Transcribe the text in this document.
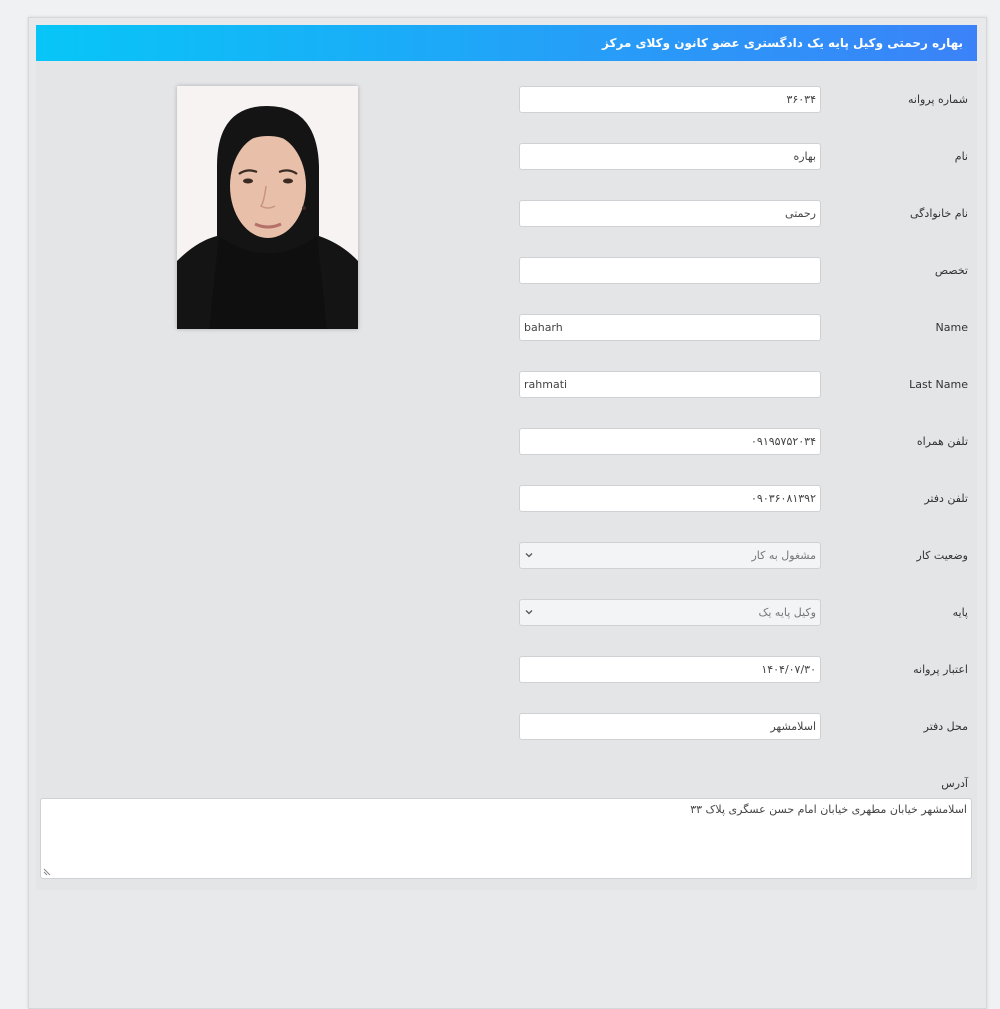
بهاره رحمتی وکیل پایه یک دادگستری عضو کانون وکلای مرکز
شماره پروانه
۳۶۰۳۴
نام
بهاره
نام خانوادگی
رحمتی
تخصص
Name
baharh
Last Name
rahmati
تلفن همراه
۰۹۱۹۵۷۵۲۰۳۴
تلفن دفتر
۰۹۰۳۶۰۸۱۳۹۲
وضعیت کار
مشغول به کار
پایه
وکیل پایه یک
اعتبار پروانه
۱۴۰۴/۰۷/۳۰
محل دفتر
اسلامشهر
آدرس
اسلامشهر خیابان مطهری خیابان امام حسن عسگری پلاک ۳۳
